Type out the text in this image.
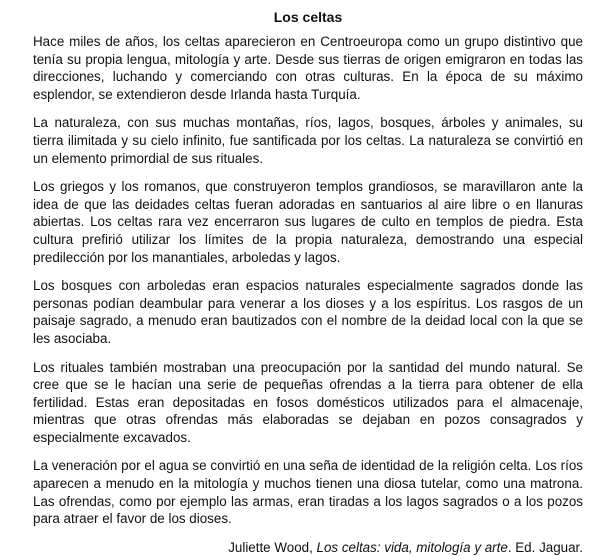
Los celtas

Hace miles de años, los celtas aparecieron en Centroeuropa como un grupo distintivo que tenía su propia lengua, mitología y arte. Desde sus tierras de origen emigraron en todas las direcciones, luchando y comerciando con otras culturas. En la época de su máximo esplendor, se extendieron desde Irlanda hasta Turquía.

La naturaleza, con sus muchas montañas, ríos, lagos, bosques, árboles y animales, su tierra ilimitada y su cielo infinito, fue santificada por los celtas. La naturaleza se convirtió en un elemento primordial de sus rituales.

Los griegos y los romanos, que construyeron templos grandiosos, se maravillaron ante la idea de que las deidades celtas fueran adoradas en santuarios al aire libre o en llanuras abiertas. Los celtas rara vez encerraron sus lugares de culto en templos de piedra. Esta cultura prefirió utilizar los límites de la propia naturaleza, demostrando una especial predilección por los manantiales, arboledas y lagos.

Los bosques con arboledas eran espacios naturales especialmente sagrados donde las personas podían deambular para venerar a los dioses y a los espíritus. Los rasgos de un paisaje sagrado, a menudo eran bautizados con el nombre de la deidad local con la que se les asociaba.

Los rituales también mostraban una preocupación por la santidad del mundo natural. Se cree que se le hacían una serie de pequeñas ofrendas a la tierra para obtener de ella fertilidad. Estas eran depositadas en fosos domésticos utilizados para el almacenaje, mientras que otras ofrendas más elaboradas se dejaban en pozos consagrados y especialmente excavados.

La veneración por el agua se convirtió en una seña de identidad de la religión celta. Los ríos aparecen a menudo en la mitología y muchos tienen una diosa tutelar, como una matrona. Las ofrendas, como por ejemplo las armas, eran tiradas a los lagos sagrados o a los pozos para atraer el favor de los dioses.

Juliette Wood, Los celtas: vida, mitología y arte. Ed. Jaguar.
